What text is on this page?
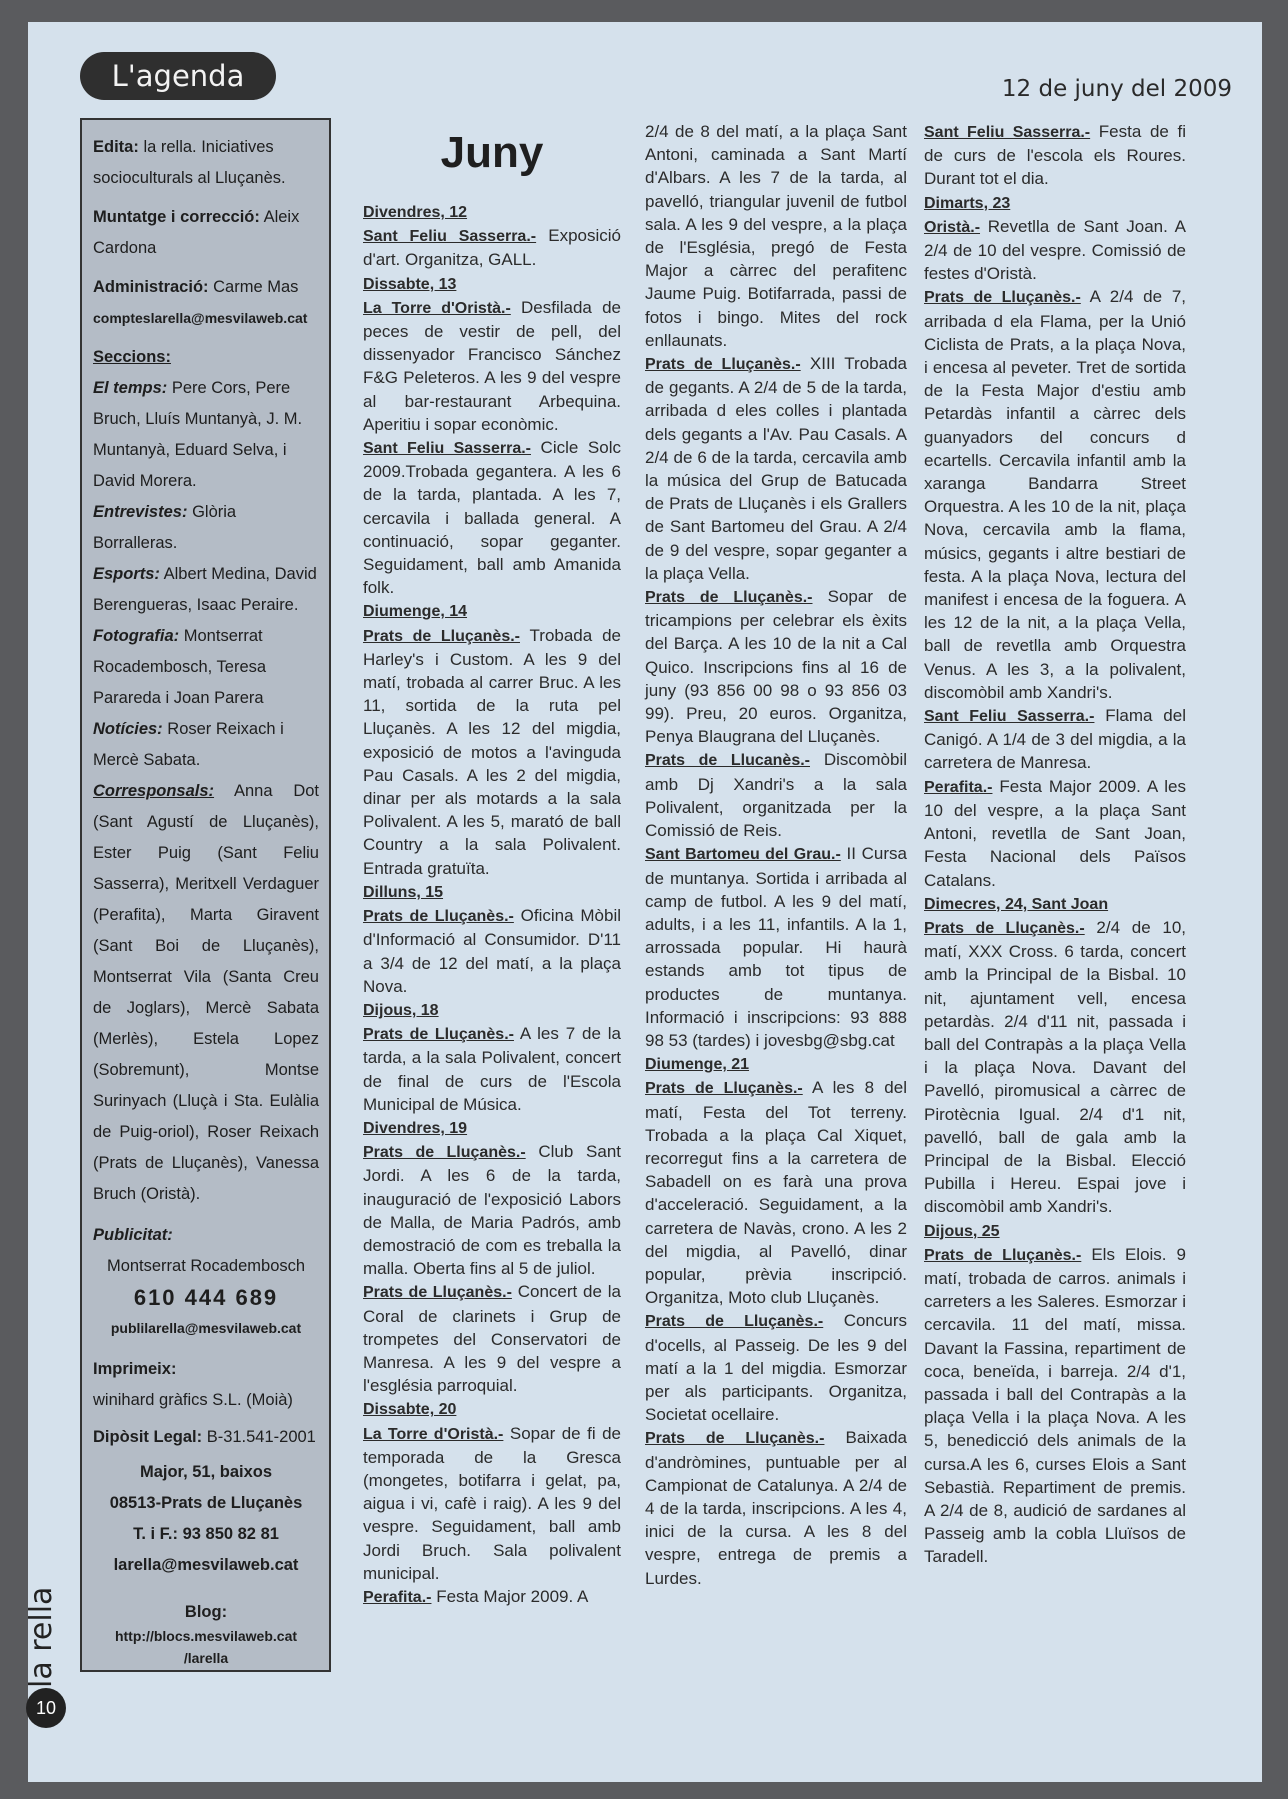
L'agenda	12 de juny del 2009

Edita: la rella. Iniciatives socioculturals al Lluçanès.

Muntatge i correcció: Aleix Cardona

Administració: Carme Mas

compteslarella@mesvilaweb.cat

Seccions:

El temps: Pere Cors, Pere Bruch, Lluís Muntanyà, J. M. Muntanyà, Eduard Selva, i David Morera.

Entrevistes: Glòria Borralleras.

Esports: Albert Medina, David Berengueras, Isaac Peraire.

Fotografia: Montserrat Rocadembosch, Teresa Parareda i Joan Parera

Notícies: Roser Reixach i Mercè Sabata.

Corresponsals: Anna Dot (Sant Agustí de Lluçanès), Ester Puig (Sant Feliu Sasserra), Meritxell Verdaguer (Perafita), Marta Giravent (Sant Boi de Lluçanès), Montserrat Vila (Santa Creu de Joglars), Mercè Sabata (Merlès), Estela Lopez (Sobremunt), Montse Surinyach (Lluçà i Sta. Eulàlia de Puig-oriol), Roser Reixach (Prats de Lluçanès), Vanessa Bruch (Oristà).

Publicitat:

Montserrat Rocadembosch

610 444 689

publilarella@mesvilaweb.cat

Imprimeix:

winihard gràfics S.L. (Moià)

Dipòsit Legal: B-31.541-2001

Major, 51, baixos

08513-Prats de Lluçanès

T. i F.: 93 850 82 81

larella@mesvilaweb.cat

Blog:

http://blocs.mesvilaweb.cat

/larella

la rella
10
Juny

Divendres, 12

Sant Feliu Sasserra.- Exposició d'art. Organitza, GALL.

Dissabte, 13

La Torre d'Oristà.- Desfilada de peces de vestir de pell, del dissenyador Francisco Sánchez F&G Peleteros. A les 9 del vespre al bar-restaurant Arbequina. Aperitiu i sopar econòmic.

Sant Feliu Sasserra.- Cicle Solc 2009.Trobada gegantera. A les 6 de la tarda, plantada. A les 7, cercavila i ballada general. A continuació, sopar geganter. Seguidament, ball amb Amanida folk.

Diumenge, 14

Prats de Lluçanès.- Trobada de Harley's i Custom. A les 9 del matí, trobada al carrer Bruc. A les 11, sortida de la ruta pel Lluçanès. A les 12 del migdia, exposició de motos a l'avinguda Pau Casals. A les 2 del migdia, dinar per als motards a la sala Polivalent. A les 5, marató de ball Country a la sala Polivalent. Entrada gratuïta.

Dilluns, 15

Prats de Lluçanès.- Oficina Mòbil d'Informació al Consumidor. D'11 a 3/4 de 12 del matí, a la plaça Nova.

Dijous, 18

Prats de Lluçanès.- A les 7 de la tarda, a la sala Polivalent, concert de final de curs de l'Escola Municipal de Música.

Divendres, 19

Prats de Lluçanès.- Club Sant Jordi. A les 6 de la tarda, inauguració de l'exposició Labors de Malla, de Maria Padrós, amb demostració de com es treballa la malla. Oberta fins al 5 de juliol.

Prats de Lluçanès.- Concert de la Coral de clarinets i Grup de trompetes del Conservatori de Manresa. A les 9 del vespre a l'església parroquial.

Dissabte, 20

La Torre d'Oristà.- Sopar de fi de temporada de la Gresca (mongetes, botifarra i gelat, pa, aigua i vi, cafè i raig). A les 9 del vespre. Seguidament, ball amb Jordi Bruch. Sala polivalent municipal.

Perafita.- Festa Major 2009. A

2/4 de 8 del matí, a la plaça Sant Antoni, caminada a Sant Martí d'Albars. A les 7 de la tarda, al pavelló, triangular juvenil de futbol sala. A les 9 del vespre, a la plaça de l'Església, pregó de Festa Major a càrrec del perafitenc Jaume Puig. Botifarrada, passi de fotos i bingo. Mites del rock enllaunats.

Prats de Lluçanès.- XIII Trobada de gegants. A 2/4 de 5 de la tarda, arribada d eles colles i plantada dels gegants a l'Av. Pau Casals. A 2/4 de 6 de la tarda, cercavila amb la música del Grup de Batucada de Prats de Lluçanès i els Grallers de Sant Bartomeu del Grau. A 2/4 de 9 del vespre, sopar geganter a la plaça Vella.

Prats de Lluçanès.- Sopar de tricampions per celebrar els èxits del Barça. A les 10 de la nit a Cal Quico. Inscripcions fins al 16 de juny (93 856 00 98 o 93 856 03 99). Preu, 20 euros. Organitza, Penya Blaugrana del Lluçanès.

Prats de Llucanès.- Discomòbil amb Dj Xandri's a la sala Polivalent, organitzada per la Comissió de Reis.

Sant Bartomeu del Grau.- II Cursa de muntanya. Sortida i arribada al camp de futbol. A les 9 del matí, adults, i a les 11, infantils. A la 1, arrossada popular. Hi haurà estands amb tot tipus de productes de muntanya. Informació i inscripcions: 93 888 98 53 (tardes) i jovesbg@sbg.cat

Diumenge, 21

Prats de Lluçanès.- A les 8 del matí, Festa del Tot terreny. Trobada a la plaça Cal Xiquet, recorregut fins a la carretera de Sabadell on es farà una prova d'acceleració. Seguidament, a la carretera de Navàs, crono. A les 2 del migdia, al Pavelló, dinar popular, prèvia inscripció. Organitza, Moto club Lluçanès.

Prats de Lluçanès.- Concurs d'ocells, al Passeig. De les 9 del matí a la 1 del migdia. Esmorzar per als participants. Organitza, Societat ocellaire.

Prats de Lluçanès.- Baixada d'andròmines, puntuable per al Campionat de Catalunya. A 2/4 de 4 de la tarda, inscripcions. A les 4, inici de la cursa. A les 8 del vespre, entrega de premis a Lurdes.

Sant Feliu Sasserra.- Festa de fi de curs de l'escola els Roures. Durant tot el dia.

Dimarts, 23

Oristà.- Revetlla de Sant Joan. A 2/4 de 10 del vespre. Comissió de festes d'Oristà.

Prats de Lluçanès.- A 2/4 de 7, arribada d ela Flama, per la Unió Ciclista de Prats, a la plaça Nova, i encesa al peveter. Tret de sortida de la Festa Major d'estiu amb Petardàs infantil a càrrec dels guanyadors del concurs d ecartells. Cercavila infantil amb la xaranga Bandarra Street Orquestra. A les 10 de la nit, plaça Nova, cercavila amb la flama, músics, gegants i altre bestiari de festa. A la plaça Nova, lectura del manifest i encesa de la foguera. A les 12 de la nit, a la plaça Vella, ball de revetlla amb Orquestra Venus. A les 3, a la polivalent, discomòbil amb Xandri's.

Sant Feliu Sasserra.- Flama del Canigó. A 1/4 de 3 del migdia, a la carretera de Manresa.

Perafita.- Festa Major 2009. A les 10 del vespre, a la plaça Sant Antoni, revetlla de Sant Joan, Festa Nacional dels Països Catalans.

Dimecres, 24, Sant Joan

Prats de Lluçanès.- 2/4 de 10, matí, XXX Cross. 6 tarda, concert amb la Principal de la Bisbal. 10 nit, ajuntament vell, encesa petardàs. 2/4 d'11 nit, passada i ball del Contrapàs a la plaça Vella i la plaça Nova. Davant del Pavelló, piromusical a càrrec de Pirotècnia Igual. 2/4 d'1 nit, pavelló, ball de gala amb la Principal de la Bisbal. Elecció Pubilla i Hereu. Espai jove i discomòbil amb Xandri's.

Dijous, 25

Prats de Lluçanès.- Els Elois. 9 matí, trobada de carros. animals i carreters a les Saleres. Esmorzar i cercavila. 11 del matí, missa. Davant la Fassina, repartiment de coca, beneïda, i barreja. 2/4 d'1, passada i ball del Contrapàs a la plaça Vella i la plaça Nova. A les 5, benedicció dels animals de la cursa.A les 6, curses Elois a Sant Sebastià. Repartiment de premis. A 2/4 de 8, audició de sardanes al Passeig amb la cobla Lluïsos de Taradell.
